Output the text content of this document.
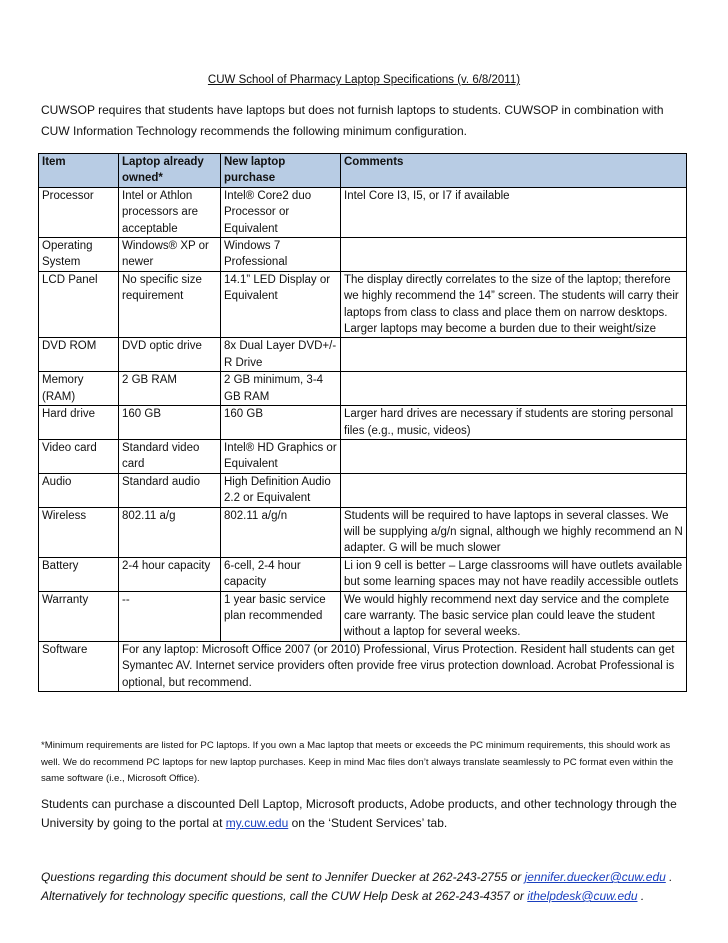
CUW School of Pharmacy Laptop Specifications (v. 6/8/2011)
CUWSOP requires that students have laptops but does not furnish laptops to students. CUWSOP in combination with CUW Information Technology recommends the following minimum configuration.
Item	Laptop already owned*	New laptop purchase	Comments
Processor	Intel or Athlon processors are acceptable	Intel® Core2 duo Processor or Equivalent	Intel Core I3, I5, or I7 if available
Operating System	Windows® XP or newer	Windows 7 Professional	
LCD Panel	No specific size requirement	14.1” LED Display or Equivalent	The display directly correlates to the size of the laptop; therefore we highly recommend the 14” screen. The students will carry their laptops from class to class and place them on narrow desktops. Larger laptops may become a burden due to their weight/size
DVD ROM	DVD optic drive	8x Dual Layer DVD+/-R Drive	
Memory (RAM)	2 GB RAM	2 GB minimum, 3-4 GB RAM	
Hard drive	160 GB	160 GB	Larger hard drives are necessary if students are storing personal files (e.g., music, videos)
Video card	Standard video card	Intel® HD Graphics or Equivalent	
Audio	Standard audio	High Definition Audio 2.2 or Equivalent	
Wireless	802.11 a/g	802.11 a/g/n	Students will be required to have laptops in several classes. We will be supplying a/g/n signal, although we highly recommend an N adapter. G will be much slower
Battery	2-4 hour capacity	6-cell, 2-4 hour capacity	Li ion 9 cell is better – Large classrooms will have outlets available but some learning spaces may not have readily accessible outlets
Warranty	--	1 year basic service plan recommended	We would highly recommend next day service and the complete care warranty. The basic service plan could leave the student without a laptop for several weeks.
Software	For any laptop: Microsoft Office 2007 (or 2010) Professional, Virus Protection. Resident hall students can get Symantec AV. Internet service providers often provide free virus protection download. Acrobat Professional is optional, but recommend.		
*Minimum requirements are listed for PC laptops. If you own a Mac laptop that meets or exceeds the PC minimum requirements, this should work as well. We do recommend PC laptops for new laptop purchases. Keep in mind Mac files don’t always translate seamlessly to PC format even within the same software (i.e., Microsoft Office).
Students can purchase a discounted Dell Laptop, Microsoft products, Adobe products, and other technology through the University by going to the portal at my.cuw.edu on the ‘Student Services’ tab.
Questions regarding this document should be sent to Jennifer Duecker at 262-243-2755 or jennifer.duecker@cuw.edu .
Alternatively for technology specific questions, call the CUW Help Desk at 262-243-4357 or ithelpdesk@cuw.edu .
